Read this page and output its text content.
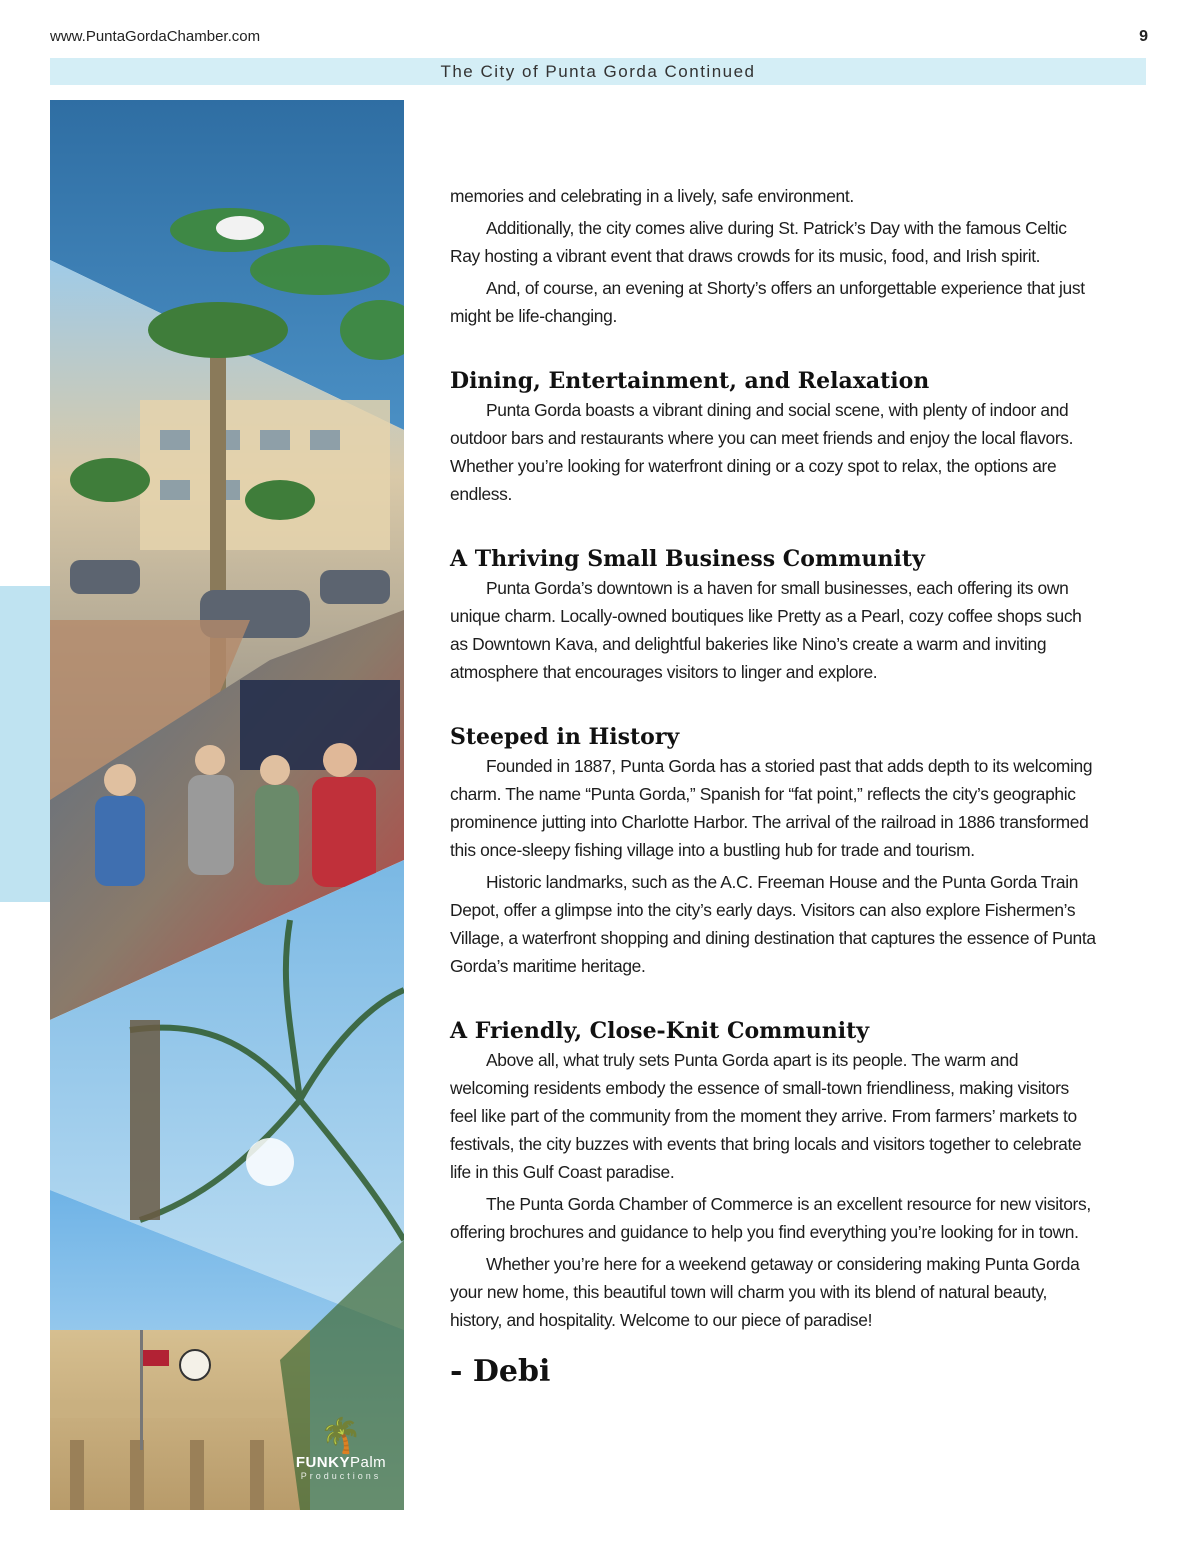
www.PuntaGordaChamber.com	9
The City of Punta Gorda Continued
🌴
FUNKYPalm
Productions

memories and celebrating in a lively, safe environment.

Additionally, the city comes alive during St. Patrick’s Day with the famous Celtic Ray hosting a vibrant event that draws crowds for its music, food, and Irish spirit.

And, of course, an evening at Shorty’s offers an unforgettable experience that just might be life-changing.

Dining, Entertainment, and Relaxation

Punta Gorda boasts a vibrant dining and social scene, with plenty of indoor and outdoor bars and restaurants where you can meet friends and enjoy the local flavors. Whether you’re looking for waterfront dining or a cozy spot to relax, the options are endless.

A Thriving Small Business Community

Punta Gorda’s downtown is a haven for small businesses, each offering its own unique charm. Locally-owned boutiques like Pretty as a Pearl, cozy coffee shops such as Downtown Kava, and delightful bakeries like Nino’s create a warm and inviting atmosphere that encourages visitors to linger and explore.

Steeped in History

Founded in 1887, Punta Gorda has a storied past that adds depth to its welcoming charm. The name “Punta Gorda,” Spanish for “fat point,” reflects the city’s geographic prominence jutting into Charlotte Harbor. The arrival of the railroad in 1886 transformed this once-sleepy fishing village into a bustling hub for trade and tourism.

Historic landmarks, such as the A.C. Freeman House and the Punta Gorda Train Depot, offer a glimpse into the city’s early days. Visitors can also explore Fishermen’s Village, a waterfront shopping and dining destination that captures the essence of Punta Gorda’s maritime heritage.

A Friendly, Close-Knit Community

Above all, what truly sets Punta Gorda apart is its people. The warm and welcoming residents embody the essence of small-town friendliness, making visitors feel like part of the community from the moment they arrive. From farmers’ markets to festivals, the city buzzes with events that bring locals and visitors together to celebrate life in this Gulf Coast paradise.

The Punta Gorda Chamber of Commerce is an excellent resource for new visitors, offering brochures and guidance to help you find everything you’re looking for in town.

Whether you’re here for a weekend getaway or considering making Punta Gorda your new home, this beautiful town will charm you with its blend of natural beauty, history, and hospitality. Welcome to our piece of paradise!

- Debi
